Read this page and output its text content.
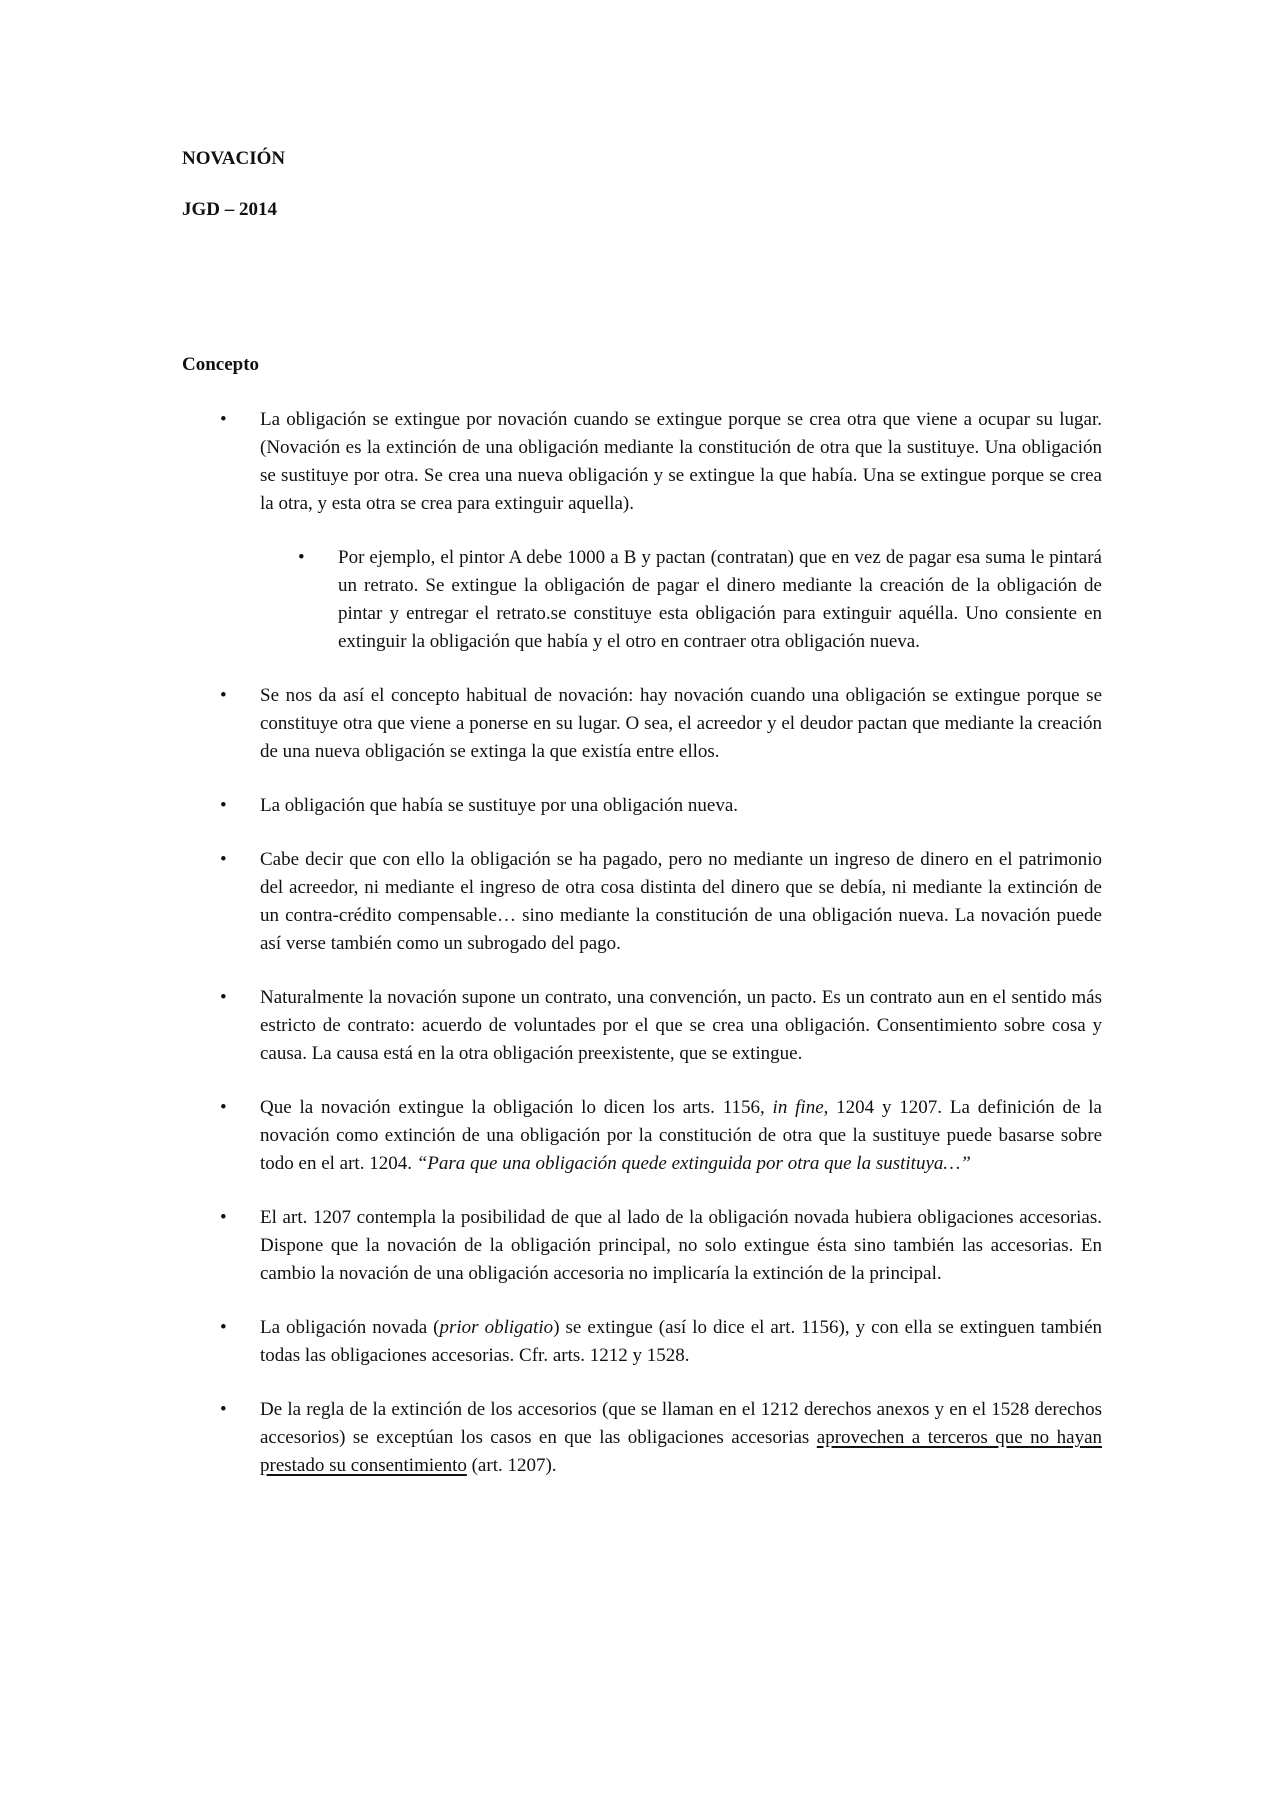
NOVACIÓN
JGD – 2014
Concepto
• La obligación se extingue por novación cuando se extingue porque se crea otra que viene a ocupar su lugar. (Novación es la extinción de una obligación mediante la constitución de otra que la sustituye. Una obligación se sustituye por otra. Se crea una nueva obligación y se extingue la que había. Una se extingue porque se crea la otra, y esta otra se crea para extinguir aquella).

• Por ejemplo, el pintor A debe 1000 a B y pactan (contratan) que en vez de pagar esa suma le pintará un retrato. Se extingue la obligación de pagar el dinero mediante la creación de la obligación de pintar y entregar el retrato.se constituye esta obligación para extinguir aquélla. Uno consiente en extinguir la obligación que había y el otro en contraer otra obligación nueva.

• Se nos da así el concepto habitual de novación: hay novación cuando una obligación se extingue porque se constituye otra que viene a ponerse en su lugar. O sea, el acreedor y el deudor pactan que mediante la creación de una nueva obligación se extinga la que existía entre ellos.

• La obligación que había se sustituye por una obligación nueva.

• Cabe decir que con ello la obligación se ha pagado, pero no mediante un ingreso de dinero en el patrimonio del acreedor, ni mediante el ingreso de otra cosa distinta del dinero que se debía, ni mediante la extinción de un contra-crédito compensable… sino mediante la constitución de una obligación nueva. La novación puede así verse también como un subrogado del pago.

• Naturalmente la novación supone un contrato, una convención, un pacto. Es un contrato aun en el sentido más estricto de contrato: acuerdo de voluntades por el que se crea una obligación. Consentimiento sobre cosa y causa. La causa está en la otra obligación preexistente, que se extingue.

• Que la novación extingue la obligación lo dicen los arts. 1156, in fine, 1204 y 1207. La definición de la novación como extinción de una obligación por la constitución de otra que la sustituye puede basarse sobre todo en el art. 1204. “Para que una obligación quede extinguida por otra que la sustituya…”

• El art. 1207 contempla la posibilidad de que al lado de la obligación novada hubiera obligaciones accesorias. Dispone que la novación de la obligación principal, no solo extingue ésta sino también las accesorias. En cambio la novación de una obligación accesoria no implicaría la extinción de la principal.

• La obligación novada (prior obligatio) se extingue (así lo dice el art. 1156), y con ella se extinguen también todas las obligaciones accesorias. Cfr. arts. 1212 y 1528.

• De la regla de la extinción de los accesorios (que se llaman en el 1212 derechos anexos y en el 1528 derechos accesorios) se exceptúan los casos en que las obligaciones accesorias aprovechen a terceros que no hayan prestado su consentimiento (art. 1207).
